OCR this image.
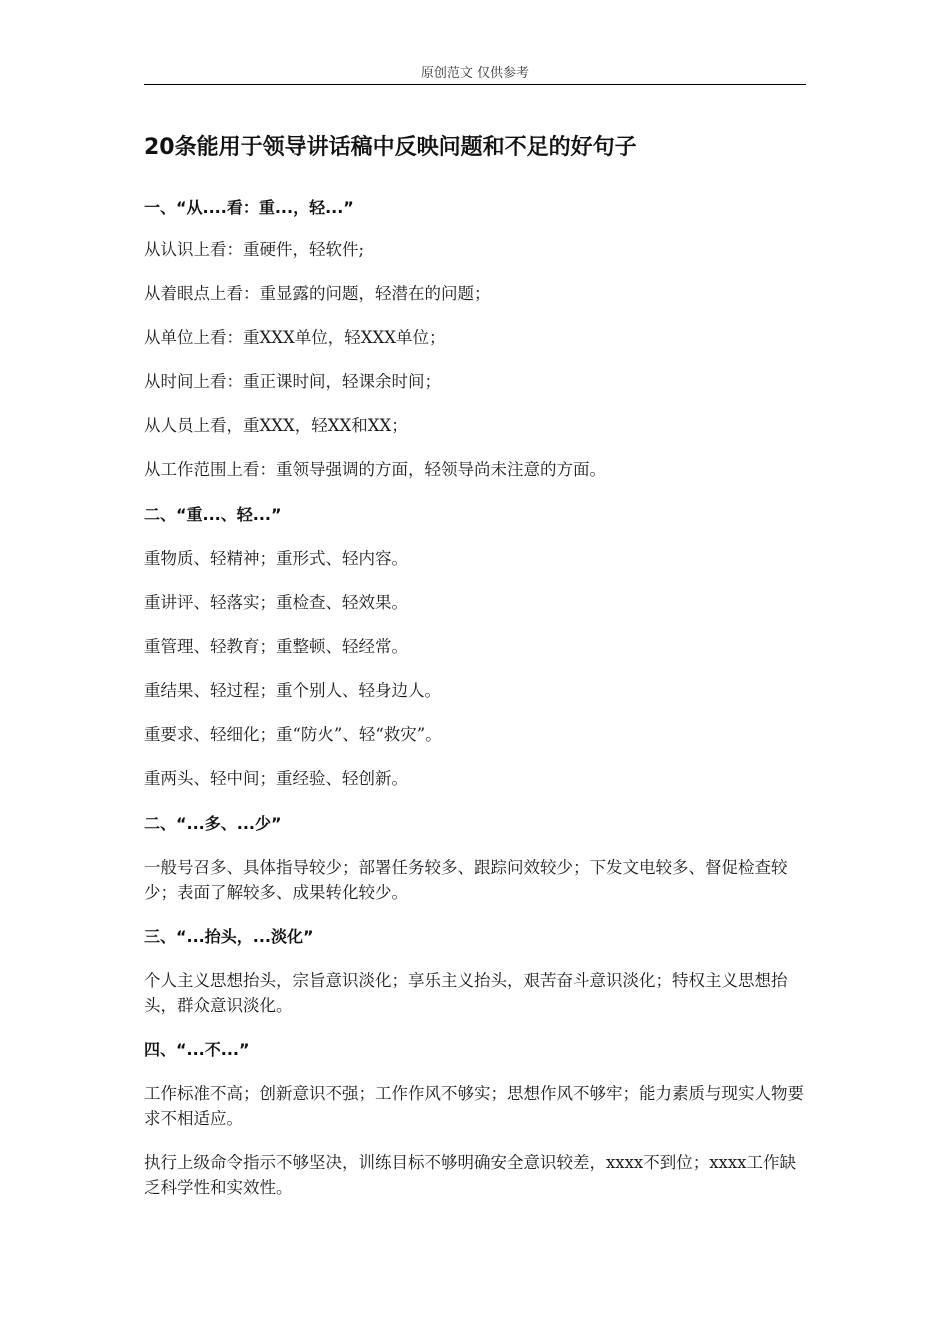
原创范文 仅供参考
20条能用于领导讲话稿中反映问题和不足的好句子
一、“从....看：重...，轻...”
从认识上看：重硬件，轻软件;
从着眼点上看：重显露的问题，轻潜在的问题；
从单位上看：重XXX单位，轻XXX单位；
从时间上看：重正课时间，轻课余时间；
从人员上看，重XXX，轻XX和XX；
从工作范围上看：重领导强调的方面，轻领导尚未注意的方面。
二、“重...、轻...”
重物质、轻精神；重形式、轻内容。
重讲评、轻落实；重检查、轻效果。
重管理、轻教育；重整顿、轻经常。
重结果、轻过程；重个别人、轻身边人。
重要求、轻细化；重“防火”、轻“救灾”。
重两头、轻中间；重经验、轻创新。
二、“...多、...少”
一般号召多、具体指导较少；部署任务较多、跟踪问效较少；下发文电较多、督促检查较少；表面了解较多、成果转化较少。
三、“...抬头，...淡化”
个人主义思想抬头，宗旨意识淡化；享乐主义抬头，艰苦奋斗意识淡化；特权主义思想抬头，群众意识淡化。
四、“...不...”
工作标准不高；创新意识不强；工作作风不够实；思想作风不够牢；能力素质与现实人物要求不相适应。
执行上级命令指示不够坚决，训练目标不够明确安全意识较差，xxxx不到位；xxxx工作缺乏科学性和实效性。
